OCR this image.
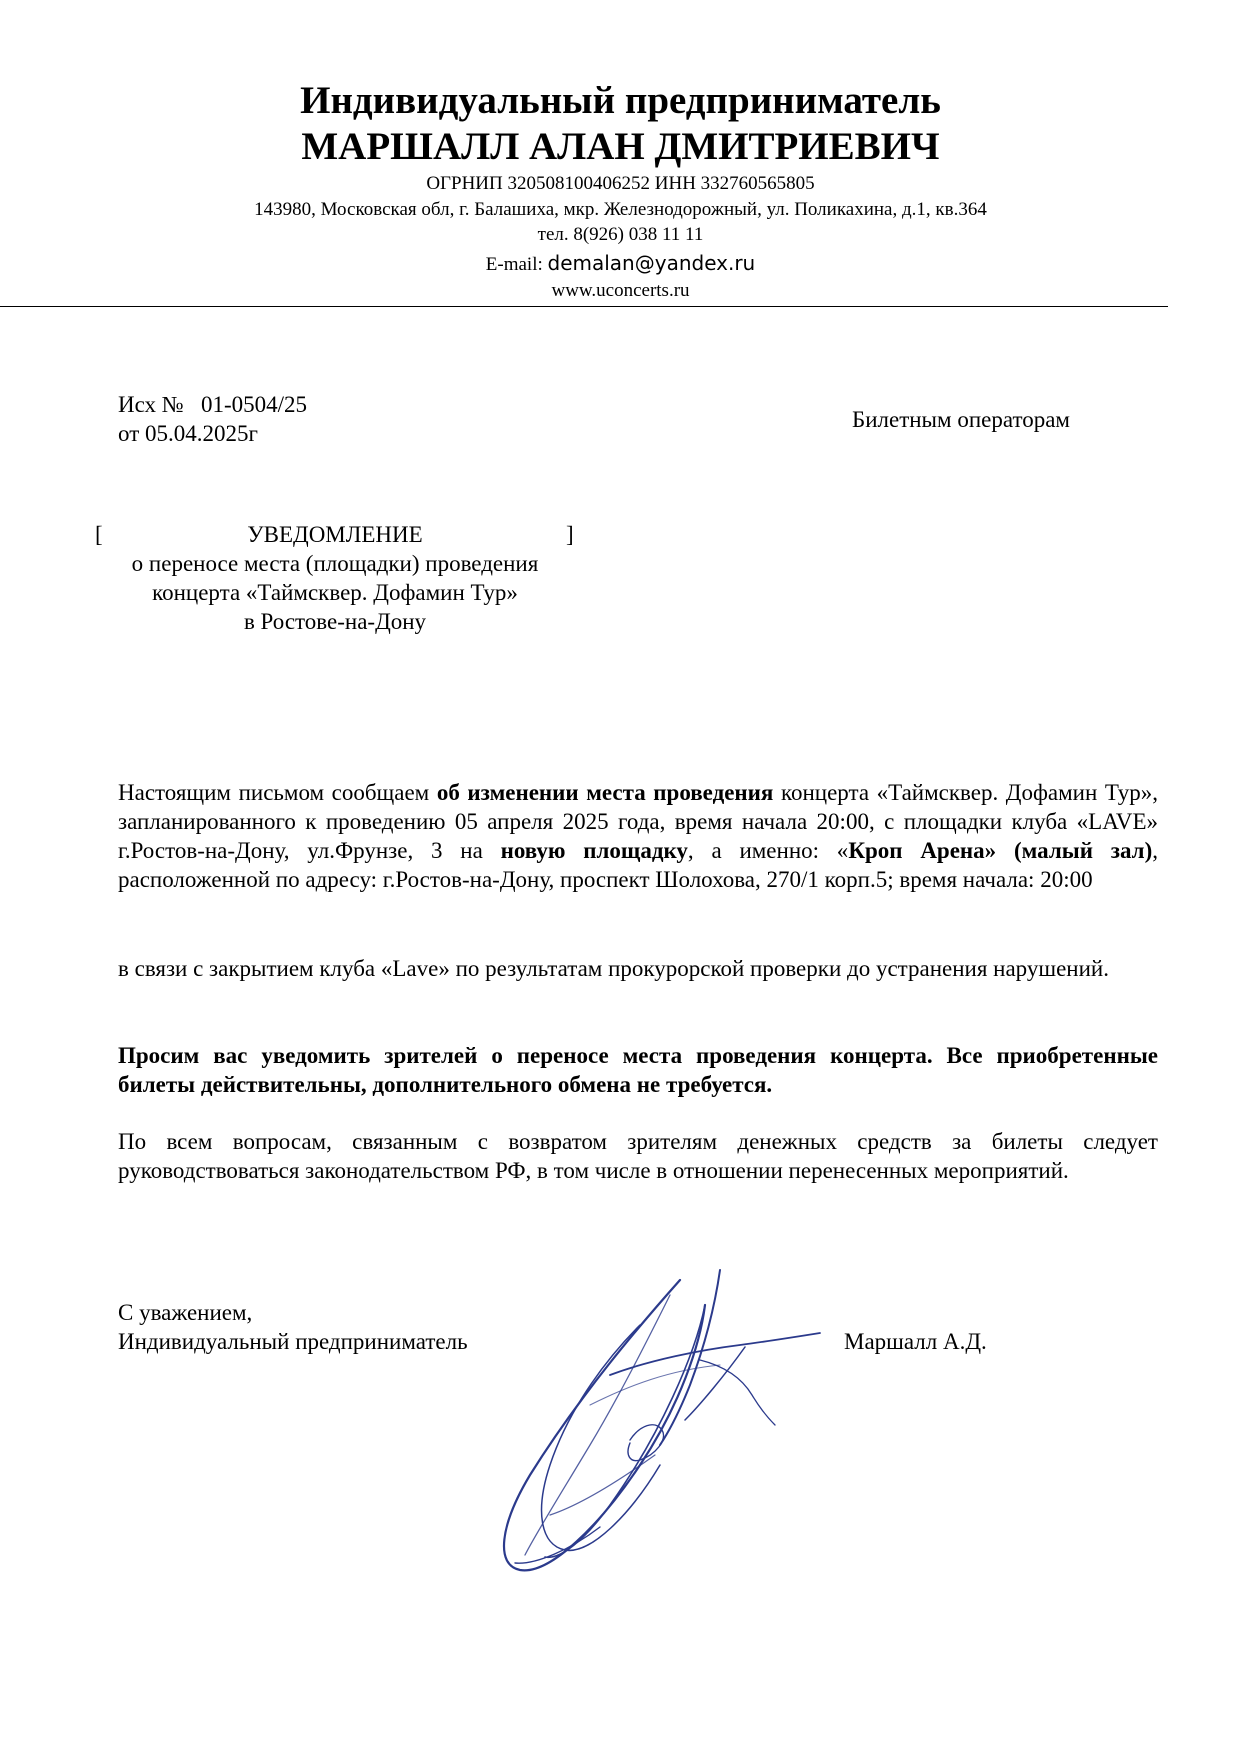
Индивидуальный предприниматель
МАРШАЛЛ АЛАН ДМИТРИЕВИЧ
ОГРНИП 320508100406252 ИНН 332760565805
143980, Московская обл, г. Балашиха, мкр. Железнодорожный, ул. Поликахина, д.1, кв.364
тел. 8(926) 038 11 11
E-mail: demalan@yandex.ru
www.uconcerts.ru
Исх №   01-0504/25
от 05.04.2025г
Билетным операторам
[	]
УВЕДОМЛЕНИЕ
о переносе места (площадки) проведения
концерта «Таймсквер. Дофамин Тур»
в Ростове-на-Дону
Настоящим письмом сообщаем об изменении места проведения концерта «Таймсквер. Дофамин Тур», запланированного к проведению 05 апреля 2025 года, время начала 20:00, с площадки клуба «LAVE» г.Ростов-на-Дону, ул.Фрунзе, 3 на новую площадку, а именно: «Кроп Арена» (малый зал), расположенной по адресу: г.Ростов-на-Дону, проспект Шолохова, 270/1 корп.5; время начала: 20:00
в связи с закрытием клуба «Lave» по результатам прокурорской проверки до устранения нарушений.
Просим вас уведомить зрителей о переносе места проведения концерта. Все приобретенные билеты действительны, дополнительного обмена не требуется.
По всем вопросам, связанным с возвратом зрителям денежных средств за билеты следует руководствоваться законодательством РФ, в том числе в отношении перенесенных мероприятий.
С уважением,
Индивидуальный предприниматель	Маршалл А.Д.
